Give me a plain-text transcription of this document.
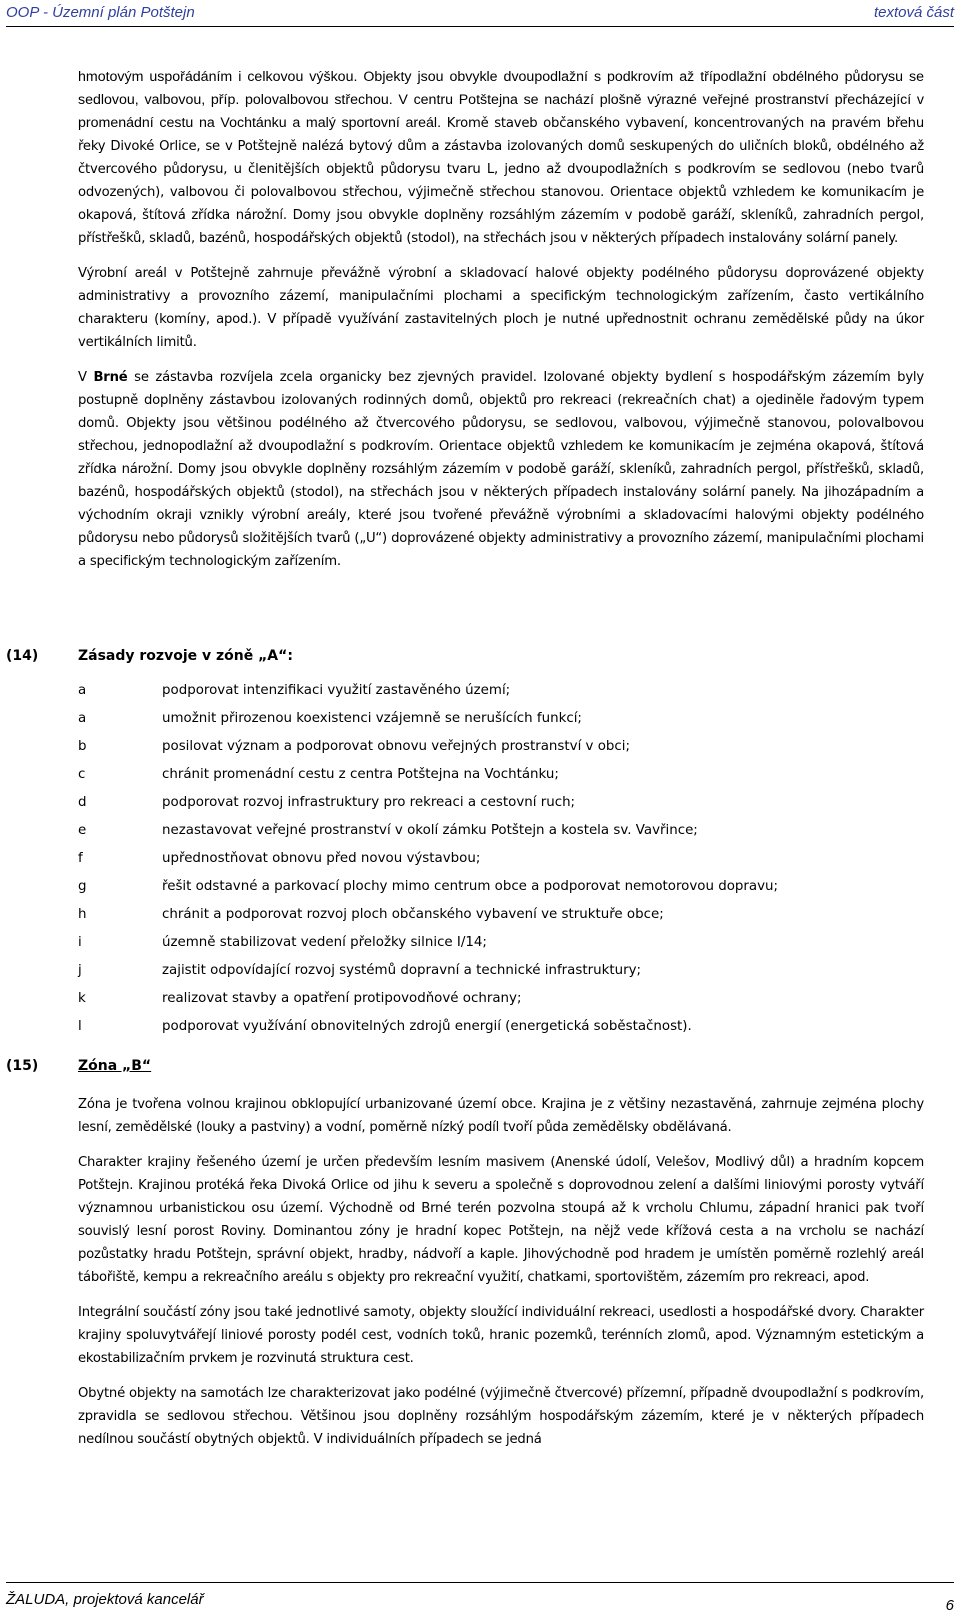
OOP - Územní plán Potštejn	textová část

hmotovým uspořádáním i celkovou výškou. Objekty jsou obvykle dvoupodlažní s podkrovím až třípodlažní obdélného půdorysu se sedlovou, valbovou, příp. polovalbovou střechou. V centru Potštejna se nachází plošně výrazné veřejné prostranství přecházející v promenádní cestu na Vochtánku a malý sportovní areál. Kromě staveb občanského vybavení, koncentrovaných na pravém břehu řeky Divoké Orlice, se v Potštejně nalézá bytový dům a zástavba izolovaných domů seskupených do uličních bloků, obdélného až čtvercového půdorysu, u členitějších objektů půdorysu tvaru L, jedno až dvoupodlažních s podkrovím se sedlovou (nebo tvarů odvozených), valbovou či polovalbovou střechou, výjimečně střechou stanovou. Orientace objektů vzhledem ke komunikacím je okapová, štítová zřídka nárožní. Domy jsou obvykle doplněny rozsáhlým zázemím v podobě garáží, skleníků, zahradních pergol, přístřešků, skladů, bazénů, hospodářských objektů (stodol), na střechách jsou v některých případech instalovány solární panely.

Výrobní areál v Potštejně zahrnuje převážně výrobní a skladovací halové objekty podélného půdorysu doprovázené objekty administrativy a provozního zázemí, manipulačními plochami a specifickým technologickým zařízením, často vertikálního charakteru (komíny, apod.). V případě využívání zastavitelných ploch je nutné upřednostnit ochranu zemědělské půdy na úkor vertikálních limitů.

V Brné se zástavba rozvíjela zcela organicky bez zjevných pravidel. Izolované objekty bydlení s hospodářským zázemím byly postupně doplněny zástavbou izolovaných rodinných domů, objektů pro rekreaci (rekreačních chat) a ojediněle řadovým typem domů. Objekty jsou většinou podélného až čtvercového půdorysu, se sedlovou, valbovou, výjimečně stanovou, polovalbovou střechou, jednopodlažní až dvoupodlažní s podkrovím. Orientace objektů vzhledem ke komunikacím je zejména okapová, štítová zřídka nárožní. Domy jsou obvykle doplněny rozsáhlým zázemím v podobě garáží, skleníků, zahradních pergol, přístřešků, skladů, bazénů, hospodářských objektů (stodol), na střechách jsou v některých případech instalovány solární panely. Na jihozápadním a východním okraji vznikly výrobní areály, které jsou tvořené převážně výrobními a skladovacími halovými objekty podélného půdorysu nebo půdorysů složitějších tvarů („U“) doprovázené objekty administrativy a provozního zázemí, manipulačními plochami a specifickým technologickým zařízením.

(14)	Zásady rozvoje v zóně „A“:
a	podporovat intenzifikaci využití zastavěného území;
a	umožnit přirozenou koexistenci vzájemně se nerušících funkcí;
b	posilovat význam a podporovat obnovu veřejných prostranství v obci;
c	chránit promenádní cestu z centra Potštejna na Vochtánku;
d	podporovat rozvoj infrastruktury pro rekreaci a cestovní ruch;
e	nezastavovat veřejné prostranství v okolí zámku Potštejn a kostela sv. Vavřince;
f	upřednostňovat obnovu před novou výstavbou;
g	řešit odstavné a parkovací plochy mimo centrum obce a podporovat nemotorovou dopravu;
h	chránit a podporovat rozvoj ploch občanského vybavení ve struktuře obce;
i	územně stabilizovat vedení přeložky silnice I/14;
j	zajistit odpovídající rozvoj systémů dopravní a technické infrastruktury;
k	realizovat stavby a opatření protipovodňové ochrany;
l	podporovat využívání obnovitelných zdrojů energií (energetická soběstačnost).
(15)	Zóna „B“

Zóna je tvořena volnou krajinou obklopující urbanizované území obce. Krajina je z většiny nezastavěná, zahrnuje zejména plochy lesní, zemědělské (louky a pastviny) a vodní, poměrně nízký podíl tvoří půda zemědělsky obdělávaná.

Charakter krajiny řešeného území je určen především lesním masivem (Anenské údolí, Velešov, Modlivý důl) a hradním kopcem Potštejn. Krajinou protéká řeka Divoká Orlice od jihu k severu a společně s doprovodnou zelení a dalšími liniovými porosty vytváří významnou urbanistickou osu území. Východně od Brné terén pozvolna stoupá až k vrcholu Chlumu, západní hranici pak tvoří souvislý lesní porost Roviny. Dominantou zóny je hradní kopec Potštejn, na nějž vede křížová cesta a na vrcholu se nachází pozůstatky hradu Potštejn, správní objekt, hradby, nádvoří a kaple. Jihovýchodně pod hradem je umístěn poměrně rozlehlý areál tábořiště, kempu a rekreačního areálu s objekty pro rekreační využití, chatkami, sportovištěm, zázemím pro rekreaci, apod.

Integrální součástí zóny jsou také jednotlivé samoty, objekty sloužící individuální rekreaci, usedlosti a hospodářské dvory. Charakter krajiny spoluvytvářejí liniové porosty podél cest, vodních toků, hranic pozemků, terénních zlomů, apod. Významným estetickým a ekostabilizačním prvkem je rozvinutá struktura cest.

Obytné objekty na samotách lze charakterizovat jako podélné (výjimečně čtvercové) přízemní, případně dvoupodlažní s podkrovím, zpravidla se sedlovou střechou. Většinou jsou doplněny rozsáhlým hospodářským zázemím, které je v některých případech nedílnou součástí obytných objektů. V individuálních případech se jedná

ŽALUDA, projektová kancelář	6
